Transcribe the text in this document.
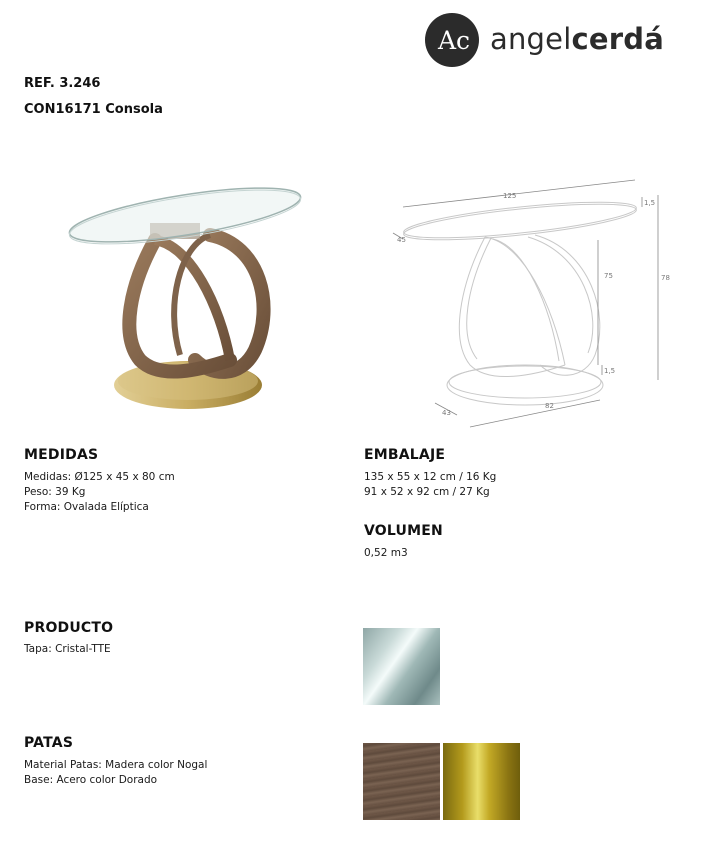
Ac angelcerdá
REF. 3.246
CON16171 Consola
125
45
78
75
1,5
1,5
82
43
MEDIDAS
Medidas: Ø125 x 45 x 80 cm
Peso: 39 Kg
Forma: Ovalada Elíptica
EMBALAJE
135 x 55 x 12 cm / 16 Kg
91 x 52 x 92 cm / 27 Kg
VOLUMEN
0,52 m3
PRODUCTO
Tapa: Cristal-TTE
PATAS
Material Patas: Madera color Nogal
Base: Acero color Dorado
